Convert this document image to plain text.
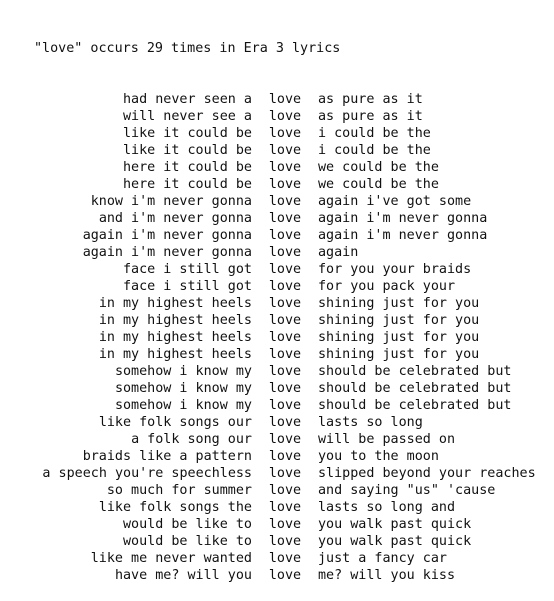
"love" occurs 29 times in Era 3 lyrics

had never seen a	love	as pure as it
will never see a	love	as pure as it
like it could be	love	i could be the
like it could be	love	i could be the
here it could be	love	we could be the
here it could be	love	we could be the
know i'm never gonna	love	again i've got some
and i'm never gonna	love	again i'm never gonna
again i'm never gonna	love	again i'm never gonna
again i'm never gonna	love	again
face i still got	love	for you your braids
face i still got	love	for you pack your
in my highest heels	love	shining just for you
in my highest heels	love	shining just for you
in my highest heels	love	shining just for you
in my highest heels	love	shining just for you
somehow i know my	love	should be celebrated but
somehow i know my	love	should be celebrated but
somehow i know my	love	should be celebrated but
like folk songs our	love	lasts so long
a folk song our	love	will be passed on
braids like a pattern	love	you to the moon
a speech you're speechless	love	slipped beyond your reaches
so much for summer	love	and saying "us" 'cause
like folk songs the	love	lasts so long and
would be like to	love	you walk past quick
would be like to	love	you walk past quick
like me never wanted	love	just a fancy car
have me? will you	love	me? will you kiss
